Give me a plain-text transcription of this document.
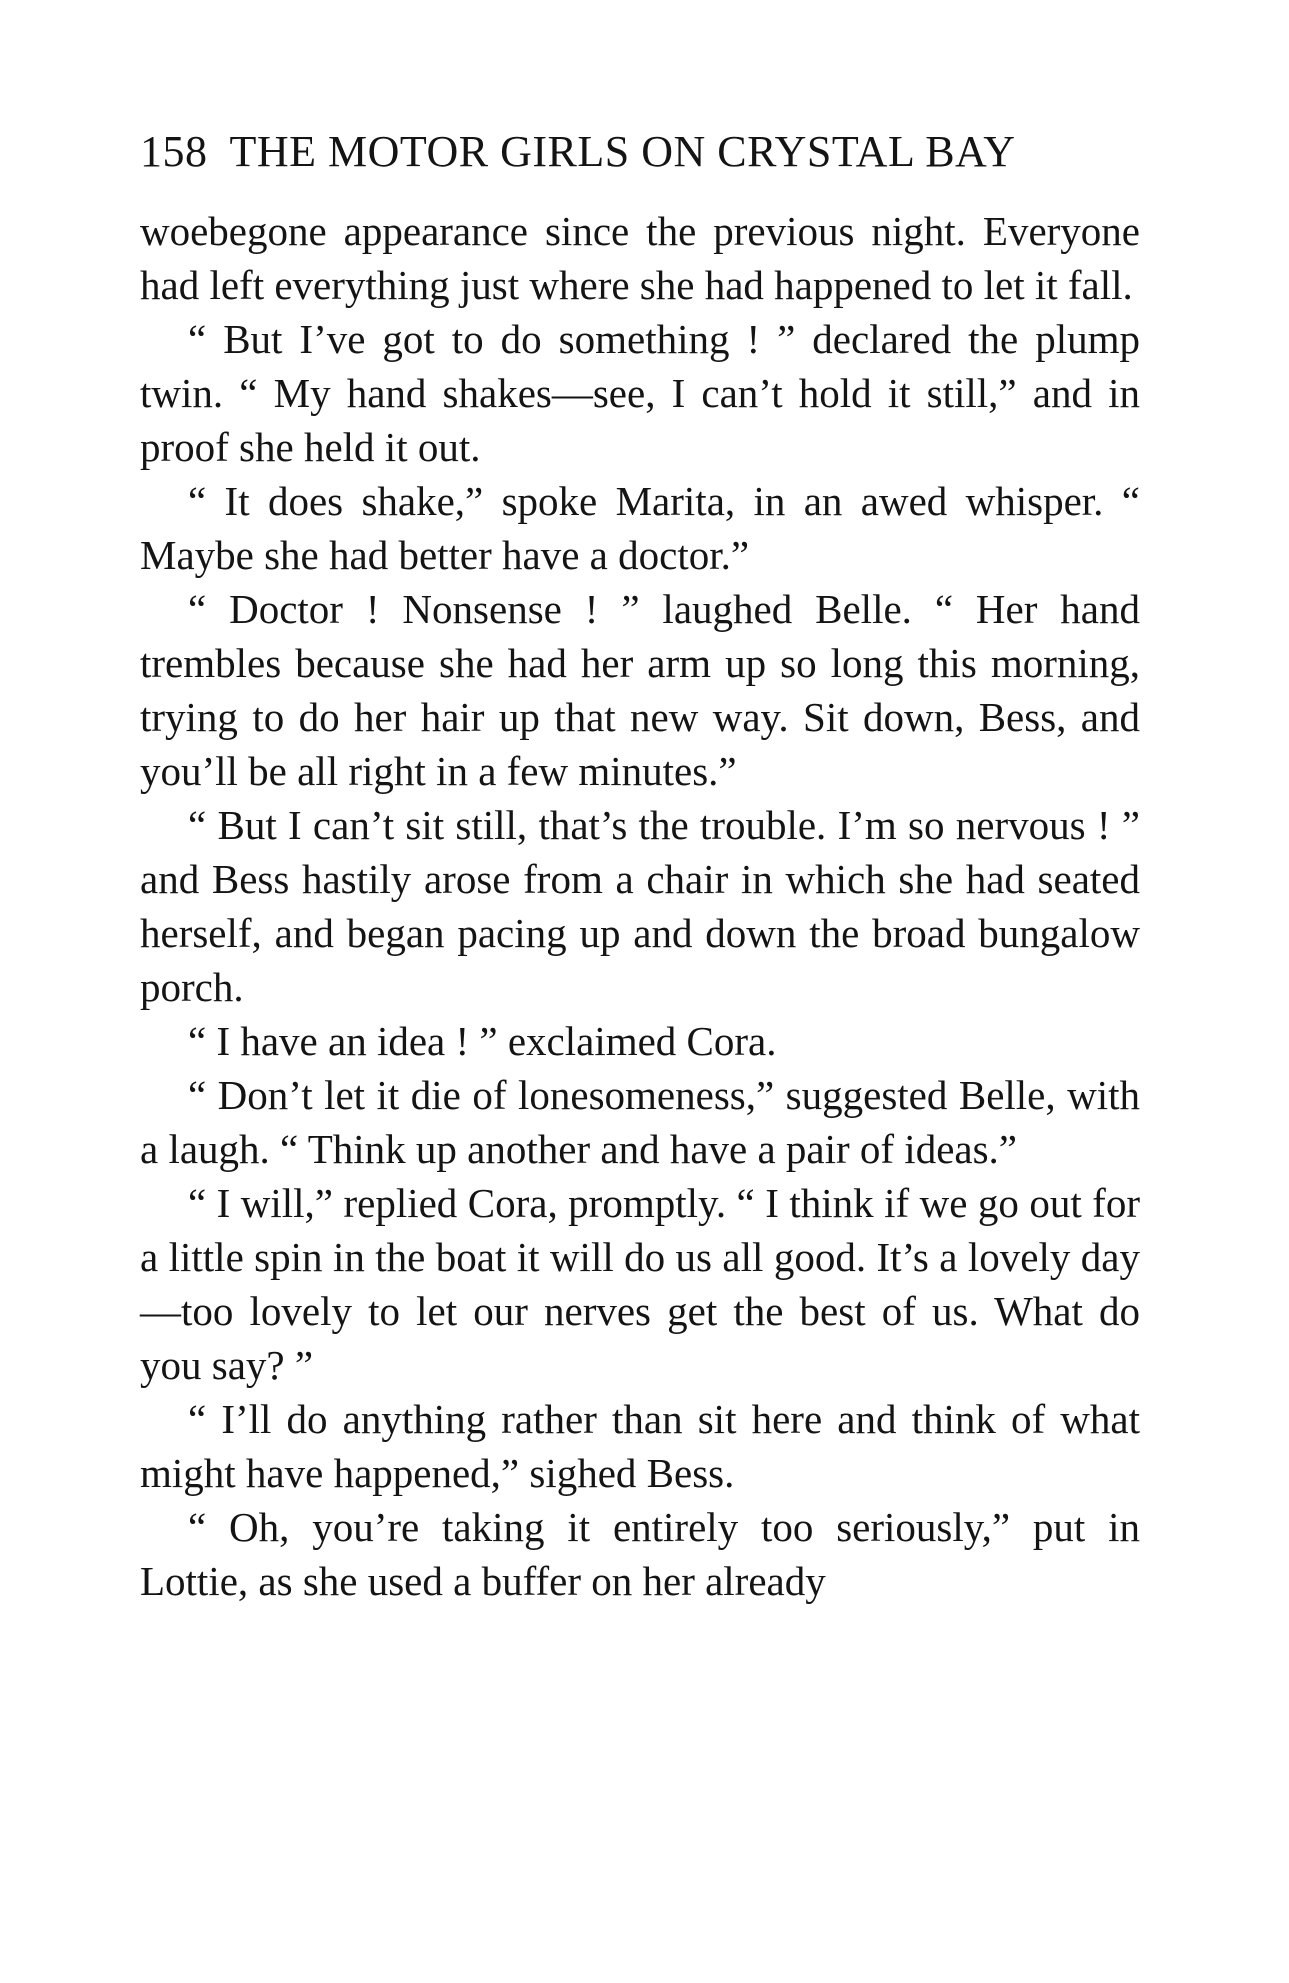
158 THE MOTOR GIRLS ON CRYSTAL BAY

woebegone appearance since the previous night. Everyone had left everything just where she had happened to let it fall.

“ But I’ve got to do something ! ” declared the plump twin. “ My hand shakes—see, I can’t hold it still,” and in proof she held it out.

“ It does shake,” spoke Marita, in an awed whisper. “ Maybe she had better have a doctor.”

“ Doctor ! Nonsense ! ” laughed Belle. “ Her hand trembles because she had her arm up so long this morning, trying to do her hair up that new way. Sit down, Bess, and you’ll be all right in a few minutes.”

“ But I can’t sit still, that’s the trouble. I’m so nervous ! ” and Bess hastily arose from a chair in which she had seated herself, and began pacing up and down the broad bungalow porch.

“ I have an idea ! ” exclaimed Cora.

“ Don’t let it die of lonesomeness,” suggested Belle, with a laugh. “ Think up another and have a pair of ideas.”

“ I will,” replied Cora, promptly. “ I think if we go out for a little spin in the boat it will do us all good. It’s a lovely day—too lovely to let our nerves get the best of us. What do you say? ”

“ I’ll do anything rather than sit here and think of what might have happened,” sighed Bess.

“ Oh, you’re taking it entirely too seriously,” put in Lottie, as she used a buffer on her already
